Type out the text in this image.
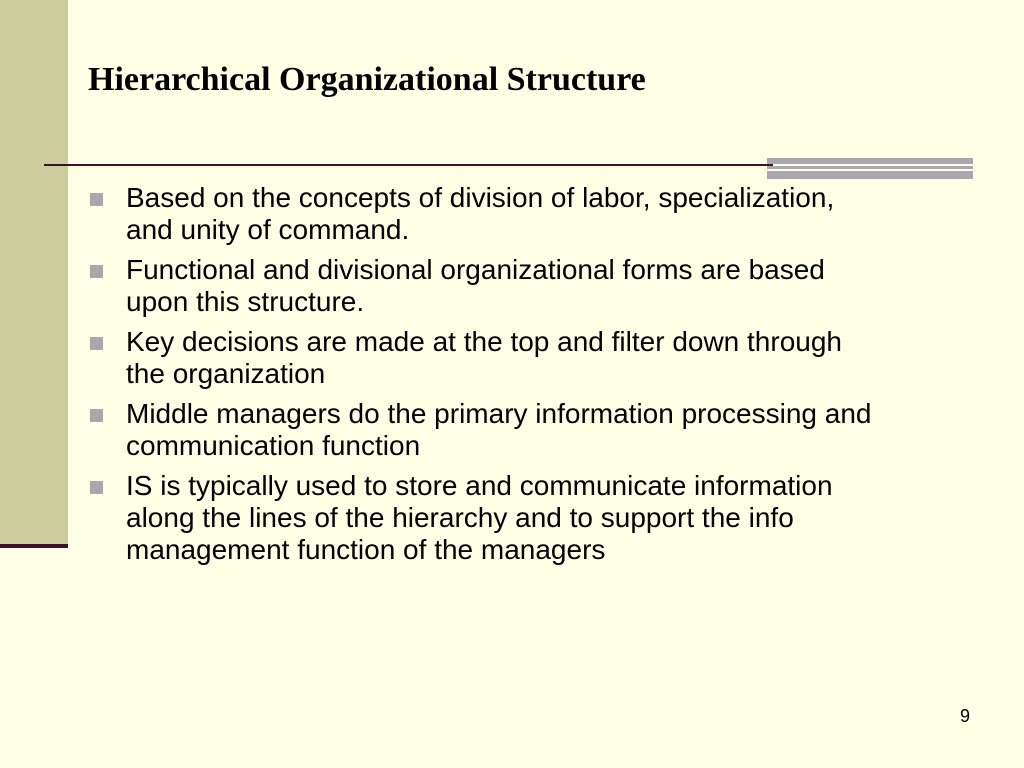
Hierarchical Organizational Structure
Based on the concepts of division of labor, specialization, and unity of command.
Functional and divisional organizational forms are based upon this structure.
Key decisions are made at the top and filter down through the organization
Middle managers do the primary information processing and communication function
IS is typically used to store and communicate information along the lines of the hierarchy and to support the info management function of the managers
9
